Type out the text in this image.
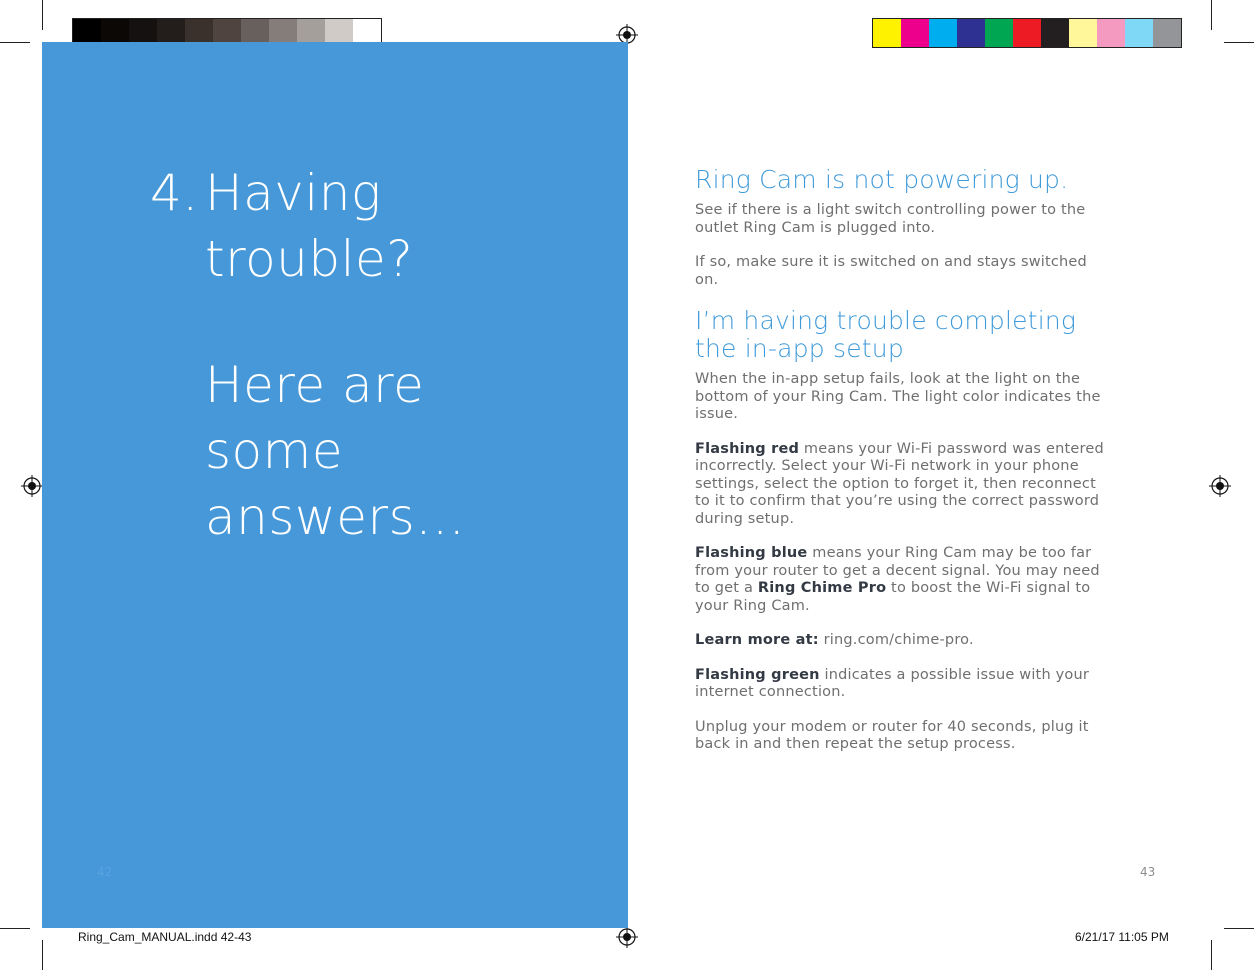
4. Having
trouble?
Here are
some
answers…
42
Ring Cam is not powering up.

See if there is a light switch controlling power to the outlet Ring Cam is plugged into.

If so, make sure it is switched on and stays switched on.

I’m having trouble completing the in-app setup

When the in-app setup fails, look at the light on the bottom of your Ring Cam. The light color indicates the issue.

Flashing red means your Wi-Fi password was entered incorrectly. Select your Wi-Fi network in your phone settings, select the option to forget it, then reconnect to it to confirm that you’re using the correct password during setup.

Flashing blue means your Ring Cam may be too far from your router to get a decent signal. You may need to get a Ring Chime Pro to boost the Wi-Fi signal to your Ring Cam.

Learn more at: ring.com/chime-pro.

Flashing green indicates a possible issue with your internet connection.

Unplug your modem or router for 40 seconds, plug it back in and then repeat the setup process.

43
Ring_Cam_MANUAL.indd 42-43	6/21/17 11:05 PM
